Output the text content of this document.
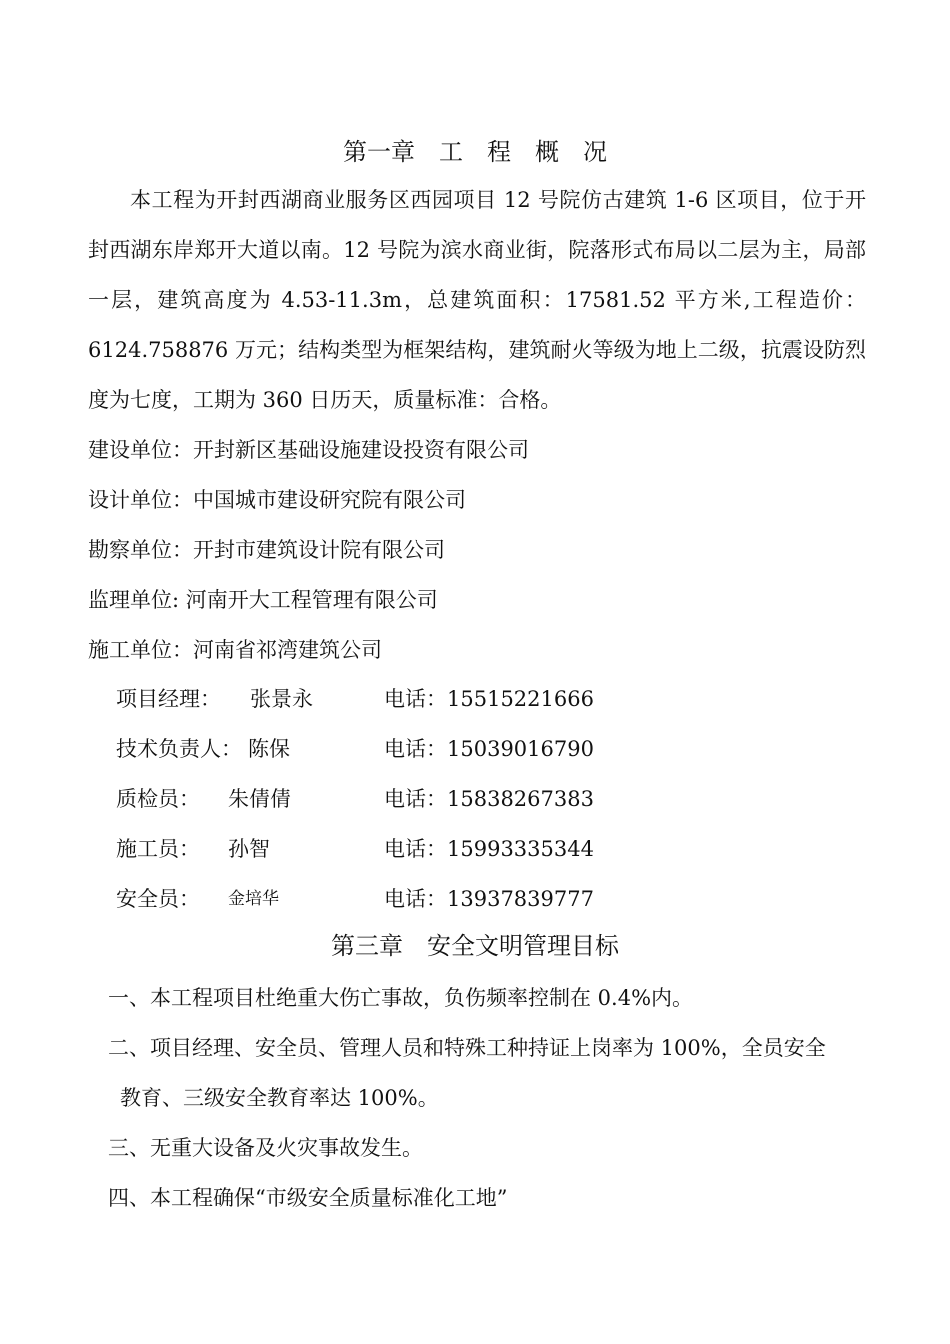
第一章　工　程　概　况
本工程为开封西湖商业服务区西园项目 12 号院仿古建筑 1-6 区项目，位于开封西湖东岸郑开大道以南。12 号院为滨水商业街，院落形式布局以二层为主，局部一层，建筑高度为 4.53-11.3m，总建筑面积：17581.52 平方米,工程造价：6124.758876 万元；结构类型为框架结构，建筑耐火等级为地上二级，抗震设防烈度为七度，工期为 360 日历天，质量标准：合格。
建设单位：开封新区基础设施建设投资有限公司
设计单位：中国城市建设研究院有限公司
勘察单位：开封市建筑设计院有限公司
监理单位: 河南开大工程管理有限公司
施工单位：河南省祁湾建筑公司
项目经理： 张景永	电话：15515221666
技术负责人： 陈保	电话：15039016790
质检员： 朱倩倩	电话：15838267383
施工员： 孙智	电话：15993335344
安全员： 金培华	电话：13937839777
第三章　安全文明管理目标
一、本工程项目杜绝重大伤亡事故，负伤频率控制在 0.4%内。
二、项目经理、安全员、管理人员和特殊工种持证上岗率为 100%，全员安全
教育、三级安全教育率达 100%。
三、无重大设备及火灾事故发生。
四、本工程确保“市级安全质量标准化工地”
